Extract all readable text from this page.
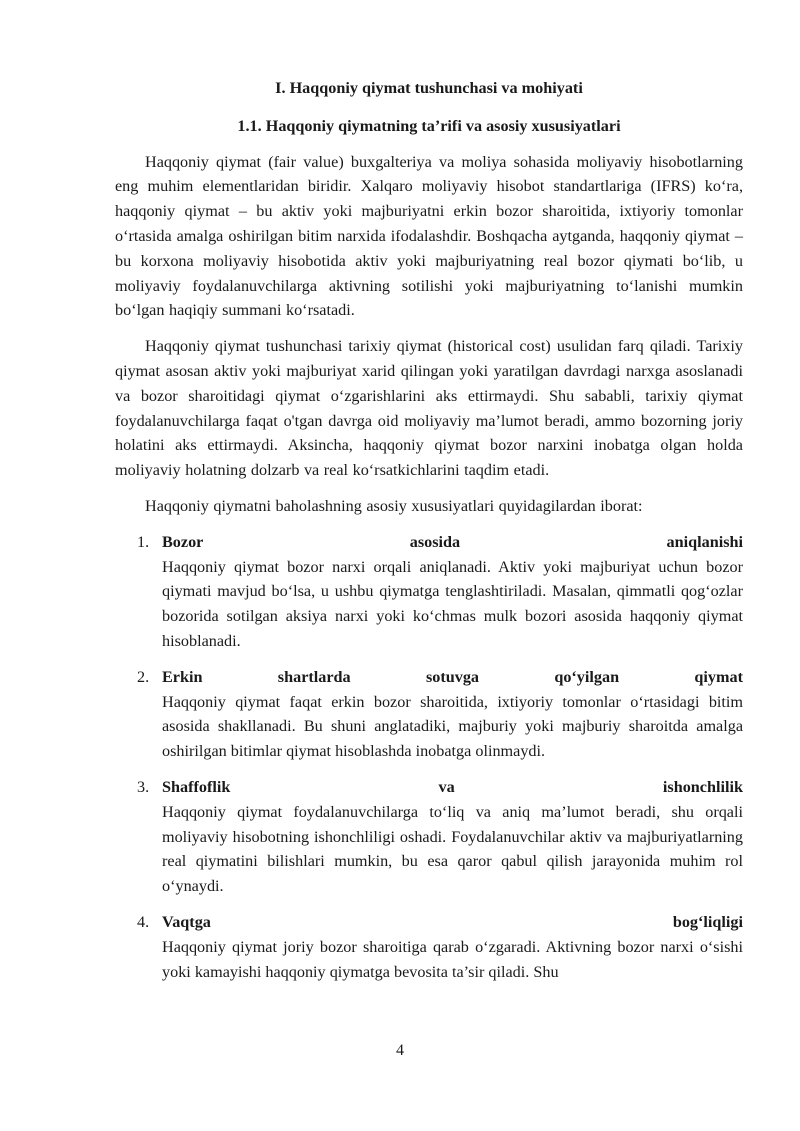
I. Haqqoniy qiymat tushunchasi va mohiyati

1.1. Haqqoniy qiymatning ta’rifi va asosiy xususiyatlari

Haqqoniy qiymat (fair value) buxgalteriya va moliya sohasida moliyaviy hisobotlarning eng muhim elementlaridan biridir. Xalqaro moliyaviy hisobot standartlariga (IFRS) ko‘ra, haqqoniy qiymat – bu aktiv yoki majburiyatni erkin bozor sharoitida, ixtiyoriy tomonlar o‘rtasida amalga oshirilgan bitim narxida ifodalashdir. Boshqacha aytganda, haqqoniy qiymat – bu korxona moliyaviy hisobotida aktiv yoki majburiyatning real bozor qiymati bo‘lib, u moliyaviy foydalanuvchilarga aktivning sotilishi yoki majburiyatning to‘lanishi mumkin bo‘lgan haqiqiy summani ko‘rsatadi.

Haqqoniy qiymat tushunchasi tarixiy qiymat (historical cost) usulidan farq qiladi. Tarixiy qiymat asosan aktiv yoki majburiyat xarid qilingan yoki yaratilgan davrdagi narxga asoslanadi va bozor sharoitidagi qiymat o‘zgarishlarini aks ettirmaydi. Shu sababli, tarixiy qiymat foydalanuvchilarga faqat o'tgan davrga oid moliyaviy ma’lumot beradi, ammo bozorning joriy holatini aks ettirmaydi. Aksincha, haqqoniy qiymat bozor narxini inobatga olgan holda moliyaviy holatning dolzarb va real ko‘rsatkichlarini taqdim etadi.

Haqqoniy qiymatni baholashning asosiy xususiyatlari quyidagilardan iborat:

1. Bozor	asosida	aniqlanishi
Haqqoniy qiymat bozor narxi orqali aniqlanadi. Aktiv yoki majburiyat uchun bozor qiymati mavjud bo‘lsa, u ushbu qiymatga tenglashtiriladi. Masalan, qimmatli qog‘ozlar bozorida sotilgan aksiya narxi yoki ko‘chmas mulk bozori asosida haqqoniy qiymat hisoblanadi.
2. Erkin	shartlarda	sotuvga	qo‘yilgan	qiymat
Haqqoniy qiymat faqat erkin bozor sharoitida, ixtiyoriy tomonlar o‘rtasidagi bitim asosida shakllanadi. Bu shuni anglatadiki, majburiy yoki majburiy sharoitda amalga oshirilgan bitimlar qiymat hisoblashda inobatga olinmaydi.
3. Shaffoflik	va	ishonchlilik
Haqqoniy qiymat foydalanuvchilarga to‘liq va aniq ma’lumot beradi, shu orqali moliyaviy hisobotning ishonchliligi oshadi. Foydalanuvchilar aktiv va majburiyatlarning real qiymatini bilishlari mumkin, bu esa qaror qabul qilish jarayonida muhim rol o‘ynaydi.
4. Vaqtga	bog‘liqligi
Haqqoniy qiymat joriy bozor sharoitiga qarab o‘zgaradi. Aktivning bozor narxi o‘sishi yoki kamayishi haqqoniy qiymatga bevosita ta’sir qiladi. Shu
4
